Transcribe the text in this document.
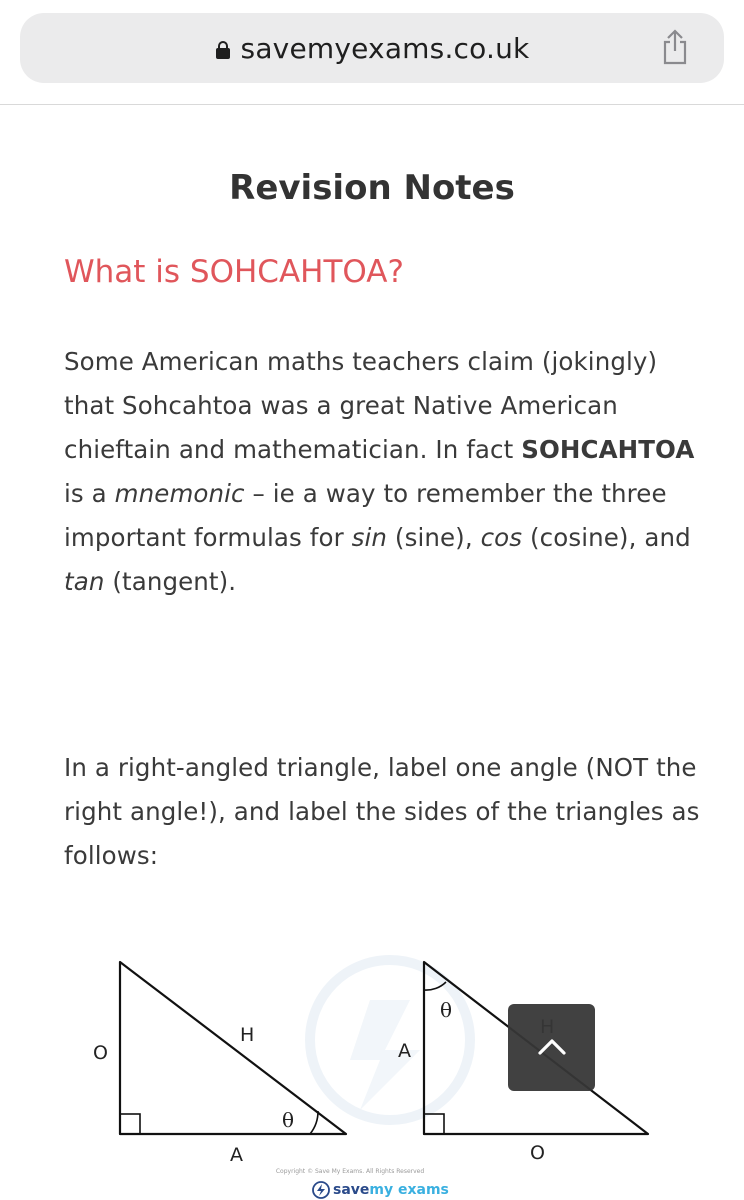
savemyexams.co.uk
Revision Notes
What is SOHCAHTOA?
Some American maths teachers claim (jokingly) that Sohcahtoa was a great Native American chieftain and mathematician. In fact SOHCAHTOA is a mnemonic – ie a way to remember the three important formulas for sin (sine), cos (cosine), and tan (tangent).
In a right-angled triangle, label one angle (NOT the right angle!), and label the sides of the triangles as follows:
O
H
A
θ
A
O
θ
Copyright © Save My Exams. All Rights Reserved
save my exams
